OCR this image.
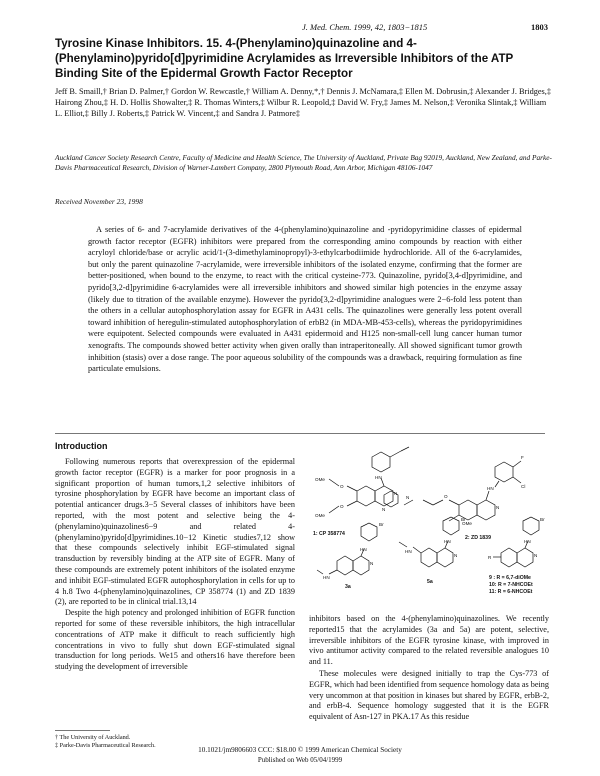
J. Med. Chem. 1999, 42, 1803−1815	1803
Tyrosine Kinase Inhibitors. 15. 4-(Phenylamino)quinazoline and 4-(Phenylamino)pyrido[d]pyrimidine Acrylamides as Irreversible Inhibitors of the ATP Binding Site of the Epidermal Growth Factor Receptor

Jeff B. Smaill,† Brian D. Palmer,† Gordon W. Rewcastle,† William A. Denny,*,† Dennis J. McNamara,‡ Ellen M. Dobrusin,‡ Alexander J. Bridges,‡ Hairong Zhou,‡ H. D. Hollis Showalter,‡ R. Thomas Winters,‡ Wilbur R. Leopold,‡ David W. Fry,‡ James M. Nelson,‡ Veronika Slintak,‡ William L. Elliot,‡ Billy J. Roberts,‡ Patrick W. Vincent,‡ and Sandra J. Patmore‡

Auckland Cancer Society Research Centre, Faculty of Medicine and Health Science, The University of Auckland, Private Bag 92019, Auckland, New Zealand, and Parke-Davis Pharmaceutical Research, Division of Warner-Lambert Company, 2800 Plymouth Road, Ann Arbor, Michigan 48106-1047

Received November 23, 1998

A series of 6- and 7-acrylamide derivatives of the 4-(phenylamino)quinazoline and -pyridopyrimidine classes of epidermal growth factor receptor (EGFR) inhibitors were prepared from the corresponding amino compounds by reaction with either acryloyl chloride/base or acrylic acid/1-(3-dimethylaminopropyl)-3-ethylcarbodiimide hydrochloride. All of the 6-acrylamides, but only the parent quinazoline 7-acrylamide, were irreversible inhibitors of the isolated enzyme, confirming that the former are better-positioned, when bound to the enzyme, to react with the critical cysteine-773. Quinazoline, pyrido[3,4-d]pyrimidine, and pyrido[3,2-d]pyrimidine 6-acrylamides were all irreversible inhibitors and showed similar high potencies in the enzyme assay (likely due to titration of the available enzyme). However the pyrido[3,2-d]pyrimidine analogues were 2−6-fold less potent than the others in a cellular autophosphorylation assay for EGFR in A431 cells. The quinazolines were generally less potent overall toward inhibition of heregulin-stimulated autophosphorylation of erbB2 (in MDA-MB-453-cells), whereas the pyridopyrimidines were equipotent. Selected compounds were evaluated in A431 epidermoid and H125 non-small-cell lung cancer human tumor xenografts. The compounds showed better activity when given orally than intraperitoneally. All showed significant tumor growth inhibition (stasis) over a dose range. The poor aqueous solubility of the compounds was a drawback, requiring formulation as fine particulate emulsions.

Introduction

Following numerous reports that overexpression of the epidermal growth factor receptor (EGFR) is a marker for poor prognosis in a significant proportion of human tumors,1,2 selective inhibitors of tyrosine phosphorylation by EGFR have become an important class of potential anticancer drugs.3−5 Several classes of inhibitors have been reported, with the most potent and selective being the 4-(phenylamino)quinazolines6−9 and related 4-(phenylamino)pyrido[d]pyrimidines.10−12 Kinetic studies7,12 show that these compounds selectively inhibit EGF-stimulated signal transduction by reversibly binding at the ATP site of EGFR. Many of these compounds are extremely potent inhibitors of the isolated enzyme and inhibit EGF-stimulated EGFR autophosphorylation in cells for up to 4 h.8 Two 4-(phenylamino)quinazolines, CP 358774 (1) and ZD 1839 (2), are reported to be in clinical trial.13,14

Despite the high potency and prolonged inhibition of EGFR function reported for some of these reversible inhibitors, the high intracellular concentrations of ATP make it difficult to reach sufficiently high concentrations in vivo to fully shut down EGF-stimulated signal transduction for long periods. We15 and others16 have therefore been studying the development of irreversible

OMe
OMe
O
O
HN
N
N
F
Cl
HN
OMe
O
N
N
Br
HN
N
HN
Br
HN
N
HN
Br
HN
N
R
1: CP 358774
2: ZD 1839
3a
5a
9 : R = 6,7-diOMe
10: R = 7-NHCOEt
11: R = 6-NHCOEt

inhibitors based on the 4-(phenylamino)quinazolines. We recently reported15 that the acrylamides (3a and 5a) are potent, selective, irreversible inhibitors of the EGFR tyrosine kinase, with improved in vivo antitumor activity compared to the related reversible analogues 10 and 11.

These molecules were designed initially to trap the Cys-773 of EGFR, which had been identified from sequence homology data as being very uncommon at that position in kinases but shared by EGFR, erbB-2, and erbB-4. Sequence homology suggested that it is the EGFR equivalent of Asn-127 in PKA.17 As this residue

† The University of Auckland.
‡ Parke-Davis Pharmaceutical Research.
10.1021/jm9806603 CCC: $18.00 © 1999 American Chemical Society
Published on Web 05/04/1999
